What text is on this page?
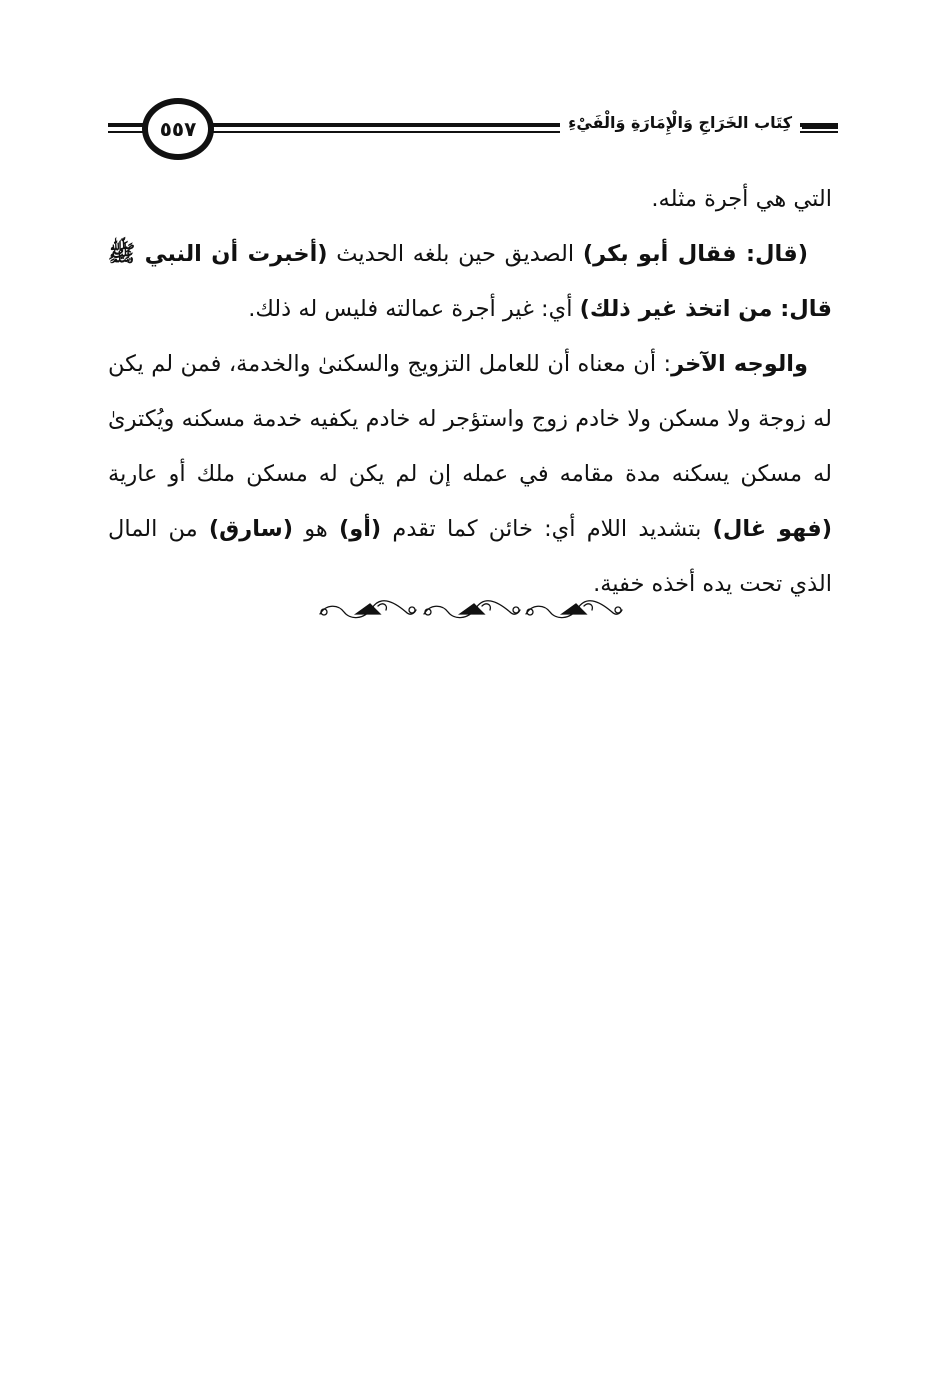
٥٥٧	كِتَاب الخَرَاجِ وَالْإِمَارَةِ وَالْفَيْءِ

التي هي أجرة مثله.

(قال: فقال أبو بكر) الصديق حين بلغه الحديث (أخبرت أن النبي ﷺ قال: من اتخذ غير ذلك) أي: غير أجرة عمالته فليس له ذلك.

والوجه الآخر: أن معناه أن للعامل التزويج والسكنىٰ والخدمة، فمن لم يكن له زوجة ولا مسكن ولا خادم زوج واستؤجر له خادم يكفيه خدمة مسكنه ويُكترىٰ له مسكن يسكنه مدة مقامه في عمله إن لم يكن له مسكن ملك أو عارية (فهو غال) بتشديد اللام أي: خائن كما تقدم (أو) هو (سارق) من المال الذي تحت يده أخذه خفية.
